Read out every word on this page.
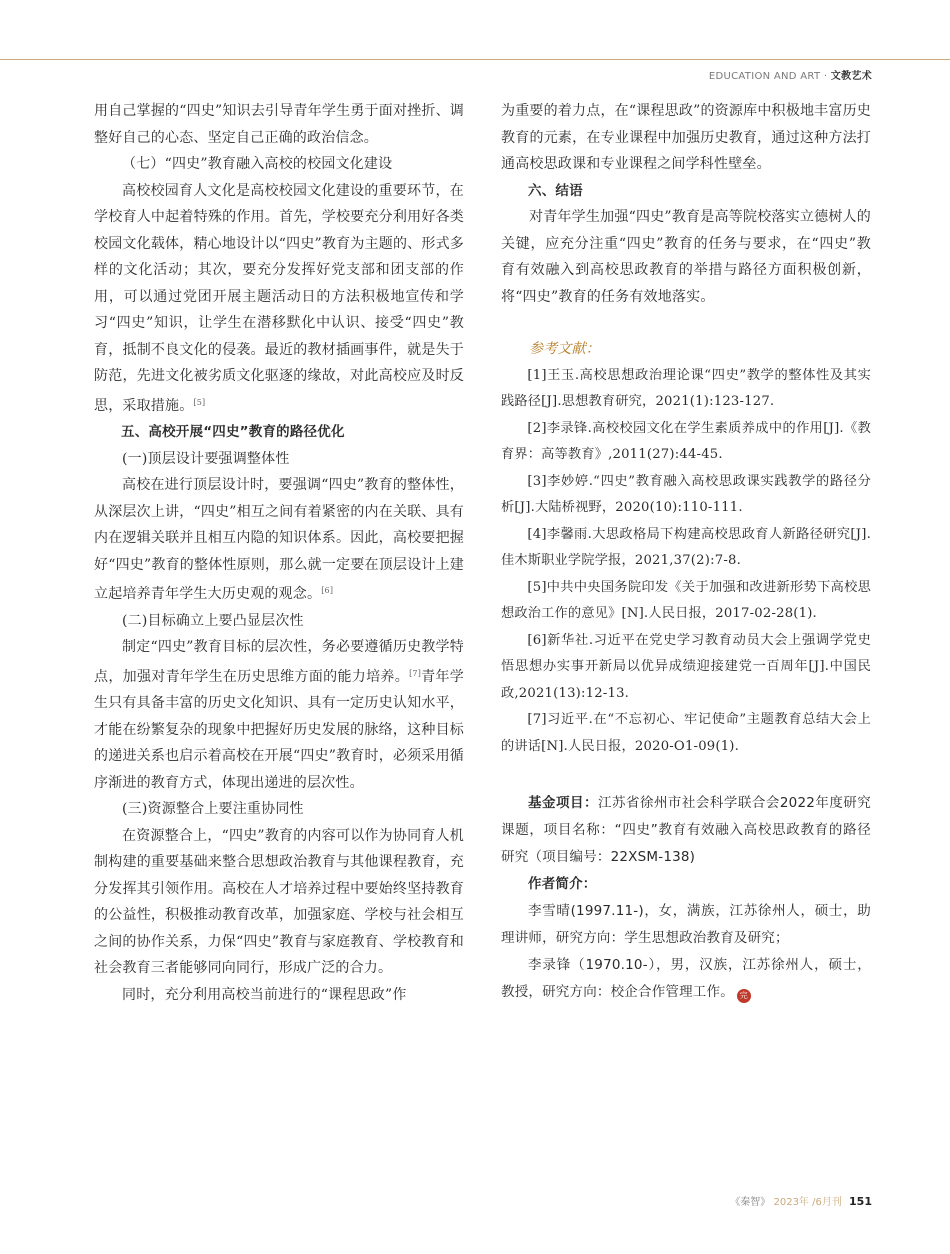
EDUCATION AND ART · 文教艺术

用自己掌握的“四史”知识去引导青年学生勇于面对挫折、调整好自己的心态、坚定自己正确的政治信念。

（七）“四史”教育融入高校的校园文化建设

高校校园育人文化是高校校园文化建设的重要环节，在学校育人中起着特殊的作用。首先，学校要充分利用好各类校园文化载体，精心地设计以“四史”教育为主题的、形式多样的文化活动；其次，要充分发挥好党支部和团支部的作用，可以通过党团开展主题活动日的方法积极地宣传和学习“四史”知识，让学生在潜移默化中认识、接受“四史”教育，抵制不良文化的侵袭。最近的教材插画事件，就是失于防范，先进文化被劣质文化驱逐的缘故，对此高校应及时反思，采取措施。[5]

五、高校开展“四史”教育的路径优化

(一)顶层设计要强调整体性

高校在进行顶层设计时，要强调“四史”教育的整体性，从深层次上讲，“四史”相互之间有着紧密的内在关联、具有内在逻辑关联并且相互内隐的知识体系。因此，高校要把握好“四史”教育的整体性原则，那么就一定要在顶层设计上建立起培养青年学生大历史观的观念。[6]

(二)目标确立上要凸显层次性

制定“四史”教育目标的层次性，务必要遵循历史教学特点，加强对青年学生在历史思维方面的能力培养。[7]青年学生只有具备丰富的历史文化知识、具有一定历史认知水平，才能在纷繁复杂的现象中把握好历史发展的脉络，这种目标的递进关系也启示着高校在开展“四史”教育时，必须采用循序渐进的教育方式，体现出递进的层次性。

(三)资源整合上要注重协同性

在资源整合上，“四史”教育的内容可以作为协同育人机制构建的重要基础来整合思想政治教育与其他课程教育，充分发挥其引领作用。高校在人才培养过程中要始终坚持教育的公益性，积极推动教育改革，加强家庭、学校与社会相互之间的协作关系，力保“四史”教育与家庭教育、学校教育和社会教育三者能够同向同行，形成广泛的合力。

同时，充分利用高校当前进行的“课程思政”作

为重要的着力点，在“课程思政”的资源库中积极地丰富历史教育的元素，在专业课程中加强历史教育，通过这种方法打通高校思政课和专业课程之间学科性壁垒。

六、结语

对青年学生加强“四史”教育是高等院校落实立德树人的关键，应充分注重“四史”教育的任务与要求，在“四史”教育有效融入到高校思政教育的举措与路径方面积极创新，将“四史”教育的任务有效地落实。

参考文献：

[1]王玉.高校思想政治理论课“四史”教学的整体性及其实践路径[J].思想教育研究，2021(1):123-127.

[2]李录锋.高校校园文化在学生素质养成中的作用[J].《教育界：高等教育》,2011(27):44-45.

[3]李妙婷.“四史”教育融入高校思政课实践教学的路径分析[J].大陆桥视野，2020(10):110-111.

[4]李馨雨.大思政格局下构建高校思政育人新路径研究[J].佳木斯职业学院学报，2021,37(2):7-8.

[5]中共中央国务院印发《关于加强和改进新形势下高校思想政治工作的意见》[N].人民日报，2017-02-28(1).

[6]新华社.习近平在党史学习教育动员大会上强调学党史悟思想办实事开新局以优异成绩迎接建党一百周年[J].中国民政,2021(13):12-13.

[7]习近平.在“不忘初心、牢记使命”主题教育总结大会上的讲话[N].人民日报，2020-O1-09(1).

基金项目：江苏省徐州市社会科学联合会2022年度研究课题，项目名称：“四史”教育有效融入高校思政教育的路径研究（项目编号：22XSM-138)

作者简介：

李雪晴(1997.11-)，女，满族，江苏徐州人，硕士，助理讲师，研究方向：学生思想政治教育及研究；

李录锋（1970.10-），男，汉族，江苏徐州人，硕士，教授，研究方向：校企合作管理工作。 完

《秦智》 2023年 /6月刊 151
